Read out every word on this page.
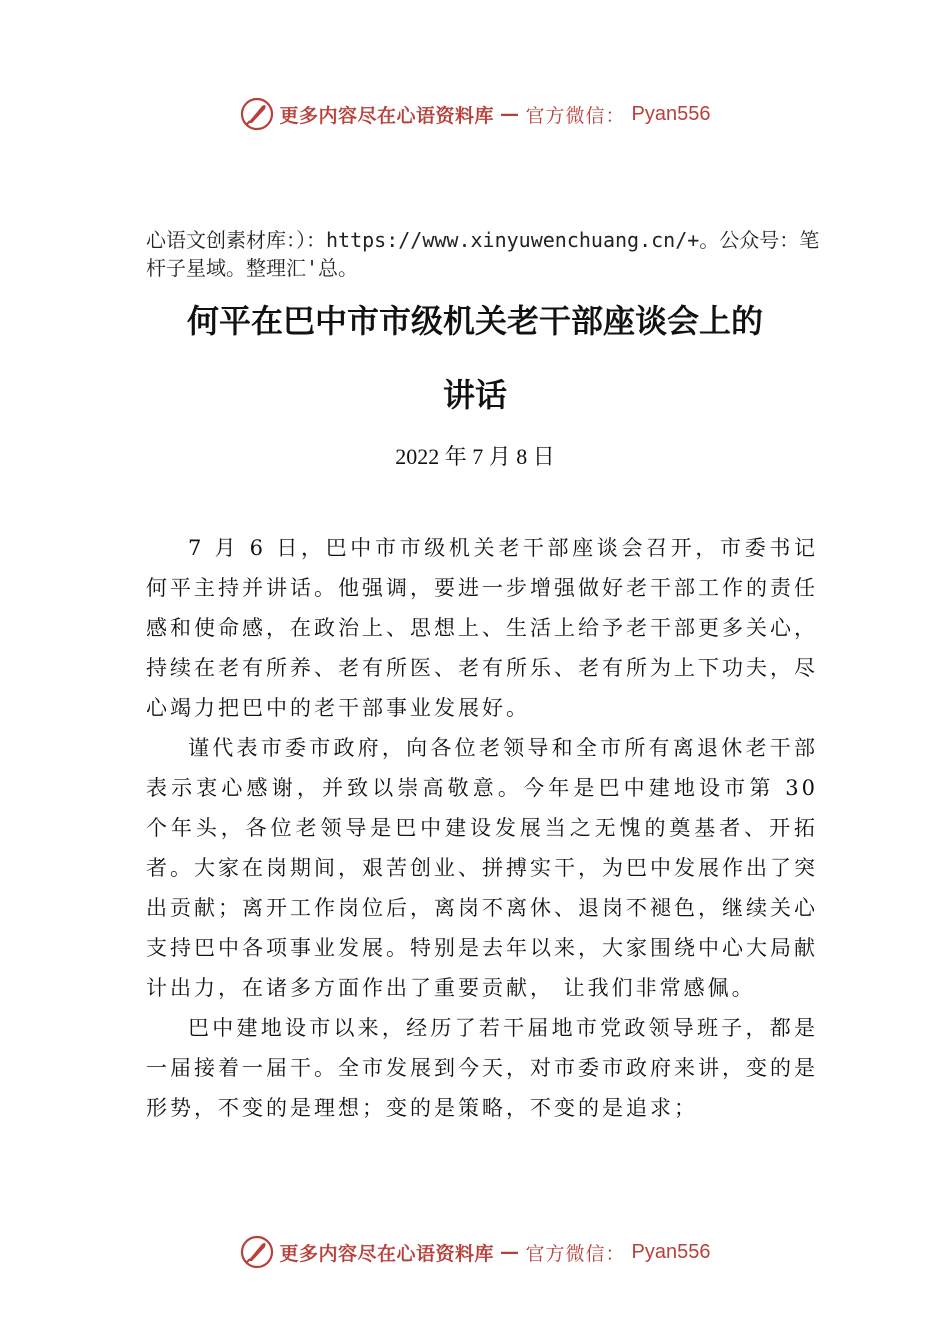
更多内容尽在心语资料库 — 官方微信： Pyan556
心语文创素材库：）：https://www.xinyuwenchuang.cn/+。公众号：笔杆子星域。整理汇'总。
何平在巴中市市级机关老干部座谈会上的
讲话
2022 年 7 月 8 日

7 月 6 日，巴中市市级机关老干部座谈会召开，市委书记何平主持并讲话。他强调，要进一步增强做好老干部工作的责任感和使命感，在政治上、思想上、生活上给予老干部更多关心，持续在老有所养、老有所医、老有所乐、老有所为上下功夫，尽心竭力把巴中的老干部事业发展好。

谨代表市委市政府，向各位老领导和全市所有离退休老干部表示衷心感谢，并致以崇高敬意。今年是巴中建地设市第 30 个年头，各位老领导是巴中建设发展当之无愧的奠基者、开拓者。大家在岗期间，艰苦创业、拼搏实干，为巴中发展作出了突出贡献；离开工作岗位后，离岗不离休、退岗不褪色，继续关心支持巴中各项事业发展。特别是去年以来，大家围绕中心大局献计出力，在诸多方面作出了重要贡献， 让我们非常感佩。

巴中建地设市以来，经历了若干届地市党政领导班子，都是一届接着一届干。全市发展到今天，对市委市政府来讲，变的是形势，不变的是理想；变的是策略，不变的是追求；

更多内容尽在心语资料库 — 官方微信： Pyan556
